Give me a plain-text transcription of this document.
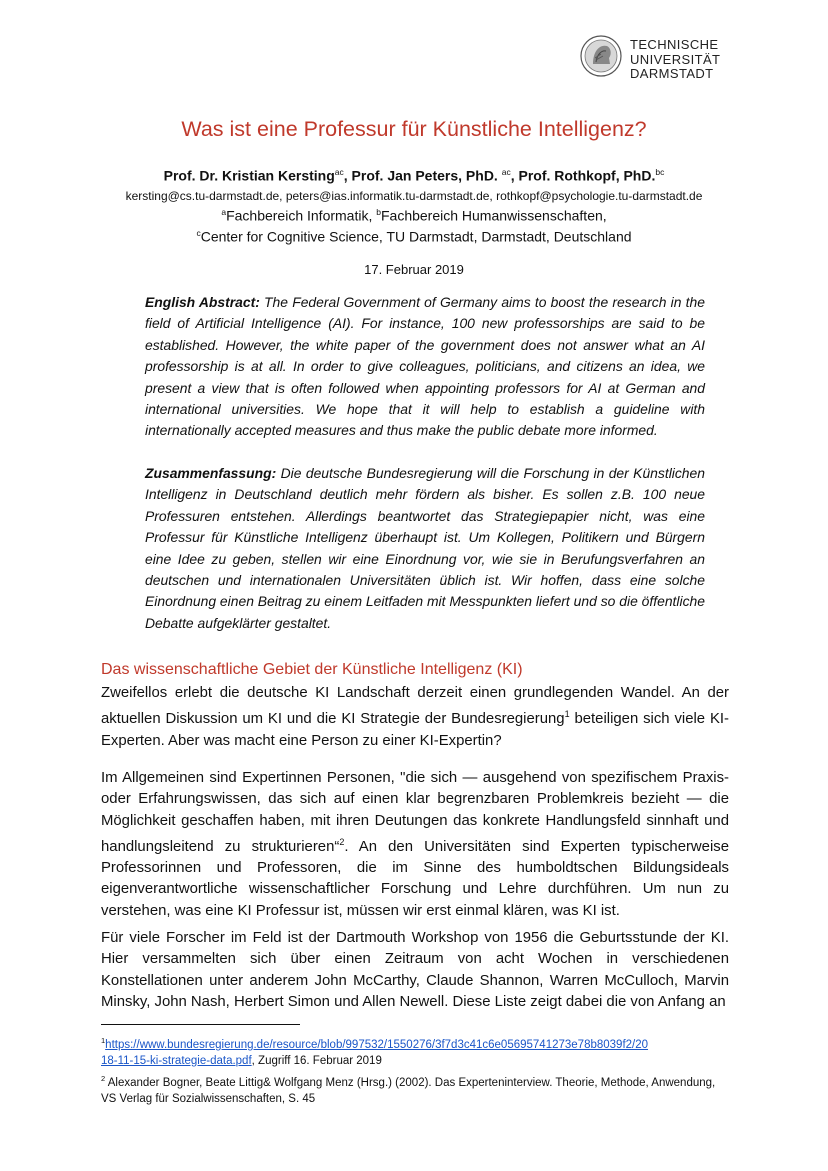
TECHNISCHE
UNIVERSITÄT
DARMSTADT
Was ist eine Professur für Künstliche Intelligenz?
Prof. Dr. Kristian Kersting$^{ac}$, Prof. Jan Peters, PhD. $^{ac}$, Prof. Rothkopf, PhD.$^{bc}$
kersting@cs.tu-darmstadt.de, peters@ias.informatik.tu-darmstadt.de, rothkopf@psychologie.tu-darmstadt.de
$^a$Fachbereich Informatik, $^b$Fachbereich Humanwissenschaften,
$^c$Center for Cognitive Science, TU Darmstadt, Darmstadt, Deutschland
17. Februar 2019

English Abstract: The Federal Government of Germany aims to boost the research in the field of Artificial Intelligence (AI). For instance, 100 new professorships are said to be established. However, the white paper of the government does not answer what an AI professorship is at all. In order to give colleagues, politicians, and citizens an idea, we present a view that is often followed when appointing professors for AI at German and international universities. We hope that it will help to establish a guideline with internationally accepted measures and thus make the public debate more informed.

Zusammenfassung: Die deutsche Bundesregierung will die Forschung in der Künstlichen Intelligenz in Deutschland deutlich mehr fördern als bisher. Es sollen z.B. 100 neue Professuren entstehen. Allerdings beantwortet das Strategiepapier nicht, was eine Professur für Künstliche Intelligenz überhaupt ist. Um Kollegen, Politikern und Bürgern eine Idee zu geben, stellen wir eine Einordnung vor, wie sie in Berufungsverfahren an deutschen und internationalen Universitäten üblich ist. Wir hoffen, dass eine solche Einordnung einen Beitrag zu einem Leitfaden mit Messpunkten liefert und so die öffentliche Debatte aufgeklärter gestaltet.

Das wissenschaftliche Gebiet der Künstliche Intelligenz (KI)

Zweifellos erlebt die deutsche KI Landschaft derzeit einen grundlegenden Wandel. An der aktuellen Diskussion um KI und die KI Strategie der Bundesregierung$^1$ beteiligen sich viele KI-Experten. Aber was macht eine Person zu einer KI-Expertin?

Im Allgemeinen sind Expertinnen Personen, "die sich — ausgehend von spezifischem Praxis- oder Erfahrungswissen, das sich auf einen klar begrenzbaren Problemkreis bezieht — die Möglichkeit geschaffen haben, mit ihren Deutungen das konkrete Handlungsfeld sinnhaft und handlungsleitend zu strukturieren“$^2$. An den Universitäten sind Experten typischerweise Professorinnen und Professoren, die im Sinne des humboldtschen Bildungsideals eigenverantwortliche wissenschaftlicher Forschung und Lehre durchführen. Um nun zu verstehen, was eine KI Professur ist, müssen wir erst einmal klären, was KI ist.

Für viele Forscher im Feld ist der Dartmouth Workshop von 1956 die Geburtsstunde der KI. Hier versammelten sich über einen Zeitraum von acht Wochen in verschiedenen Konstellationen unter anderem John McCarthy, Claude Shannon, Warren McCulloch, Marvin Minsky, John Nash, Herbert Simon und Allen Newell. Diese Liste zeigt dabei die von Anfang an

$^1$https://www.bundesregierung.de/resource/blob/997532/1550276/3f7d3c41c6e05695741273e78b8039f2/20
18-11-15-ki-strategie-data.pdf, Zugriff 16. Februar 2019

$^2$ Alexander Bogner, Beate Littig& Wolfgang Menz (Hrsg.) (2002). Das Experteninterview. Theorie, Methode, Anwendung, VS Verlag für Sozialwissenschaften, S. 45
